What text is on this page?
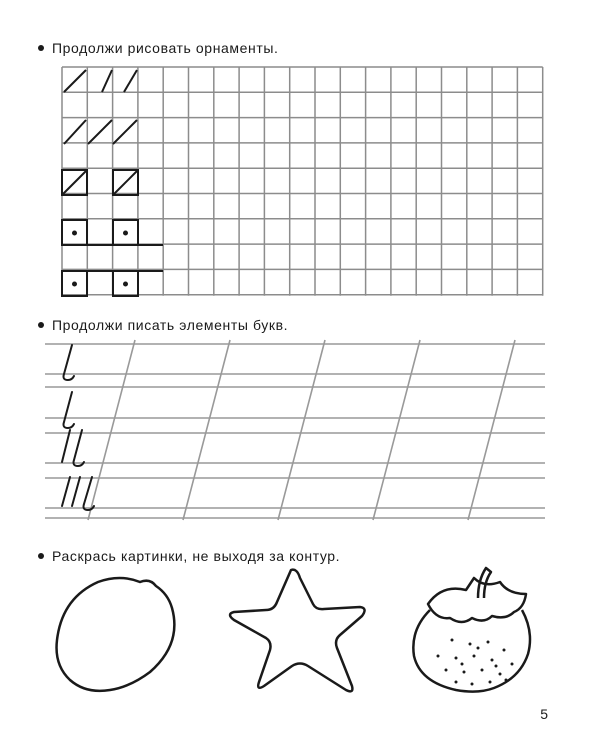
Продолжи рисовать орнаменты.
Продолжи писать элементы букв.
Раскрась картинки, не выходя за контур.
5
